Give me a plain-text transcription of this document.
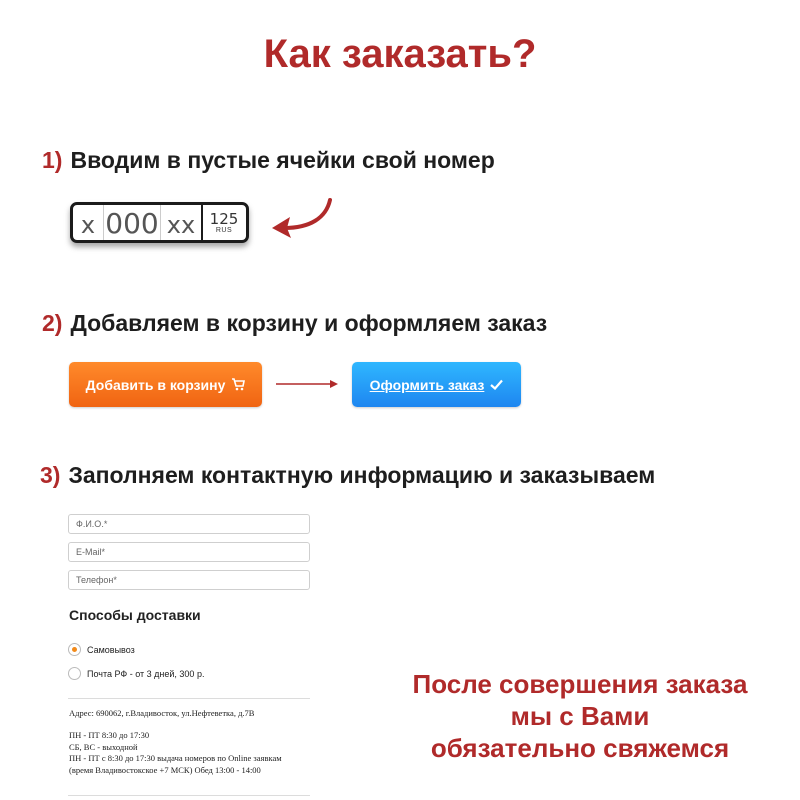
Как заказать?
1) Вводим в пустые ячейки свой номер
x 000 xx 125
RUS
2) Добавляем в корзину и оформляем заказ
Добавить в корзину	Оформить заказ
3) Заполняем контактную информацию и заказываем
Ф.И.О.*
E-Mail*
Телефон*
Способы доставки
Самовывоз
Почта РФ - от 3 дней, 300 р.
Адрес: 690062, г.Владивосток, ул.Нефтеветка, д.7В
ПН - ПТ 8:30 до 17:30
СБ, ВС - выходной
ПН - ПТ с 8:30 до 17:30 выдача номеров по Online заявкам
(время Владивостокское +7 МСК) Обед 13:00 - 14:00
После совершения заказа
мы с Вами
обязательно свяжемся
